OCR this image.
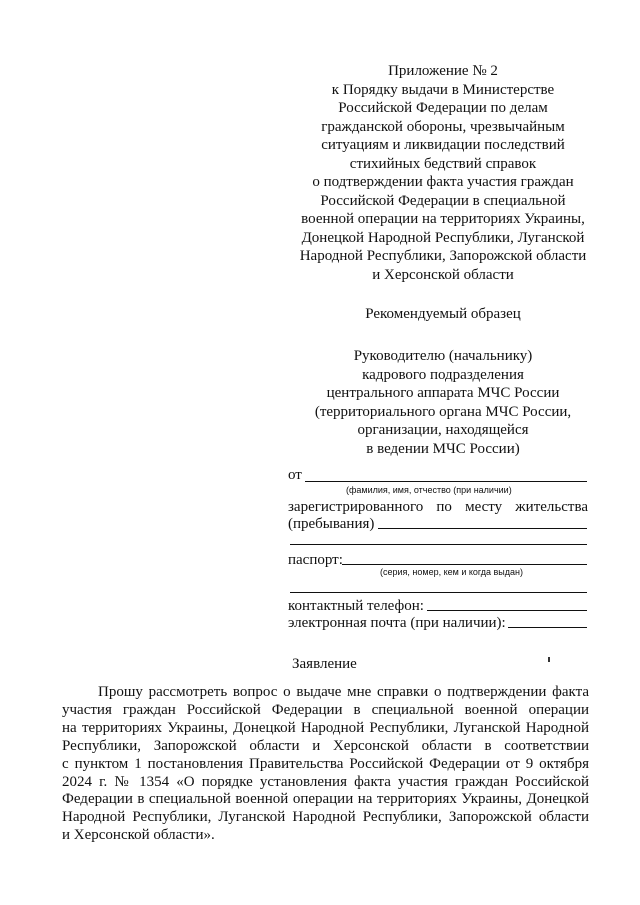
Приложение № 2
к Порядку выдачи в Министерстве
Российской Федерации по делам
гражданской обороны, чрезвычайным
ситуациям и ликвидации последствий
стихийных бедствий справок
о подтверждении факта участия граждан
Российской Федерации в специальной
военной операции на территориях Украины,
Донецкой Народной Республики, Луганской
Народной Республики, Запорожской области
и Херсонской области
Рекомендуемый образец
Руководителю (начальнику)
кадрового подразделения
центрального аппарата МЧС России
(территориального органа МЧС России,
организации, находящейся
в ведении МЧС России)
от
(фамилия, имя, отчество (при наличии)
зарегистрированного по месту жительства
(пребывания)
паспорт:
(серия, номер, кем и когда выдан)
контактный телефон:
электронная почта (при наличии):
Заявление
Прошу рассмотреть вопрос о выдаче мне справки о подтверждении факта
участия граждан Российской Федерации в специальной военной операции
на территориях Украины, Донецкой Народной Республики, Луганской Народной
Республики, Запорожской области и Херсонской области в соответствии
с пунктом 1 постановления Правительства Российской Федерации от 9 октября
2024 г. № 1354 «О порядке установления факта участия граждан Российской
Федерации в специальной военной операции на территориях Украины, Донецкой
Народной Республики, Луганской Народной Республики, Запорожской области
и Херсонской области».
